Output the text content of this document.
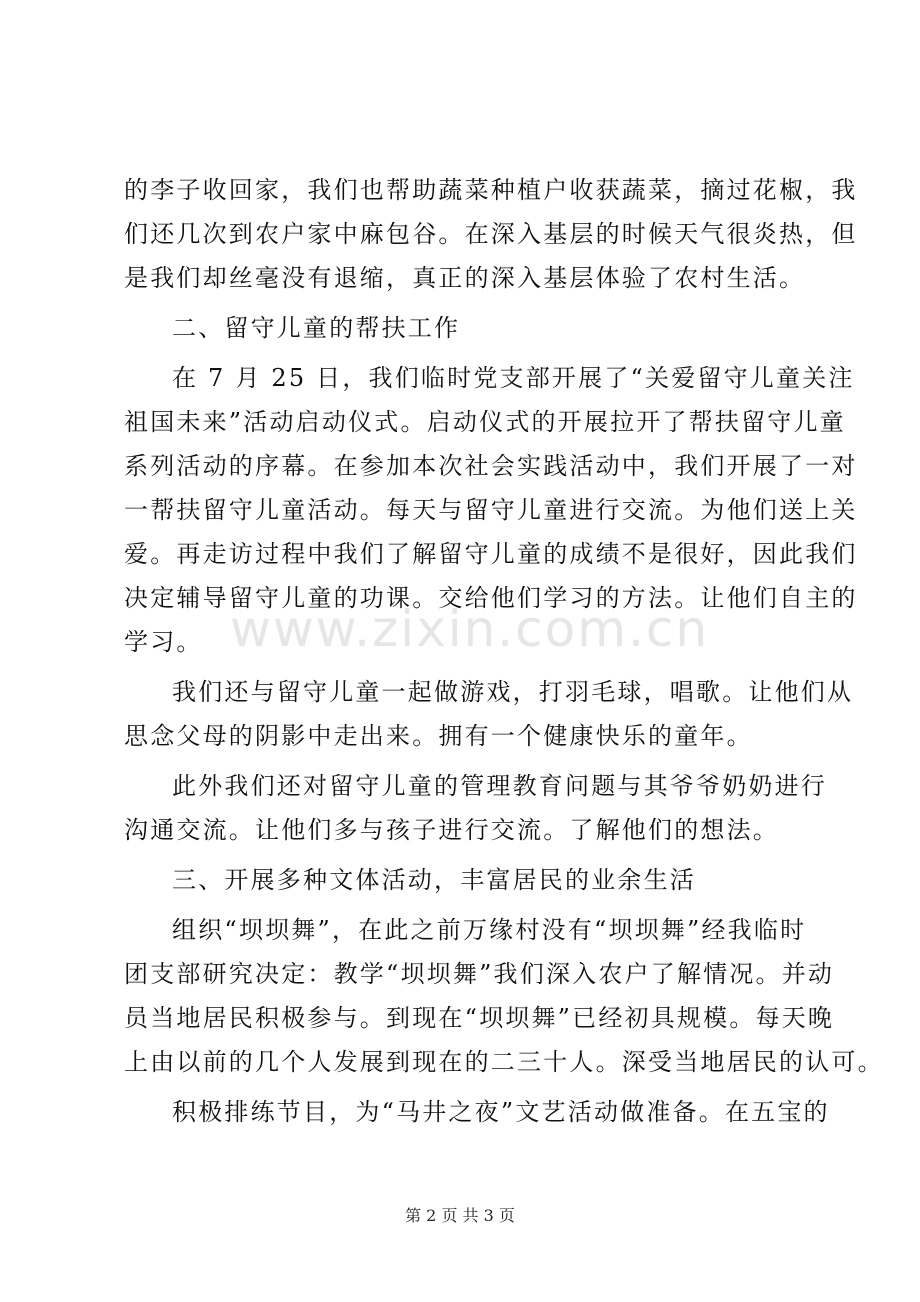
www.zixin.com.cn
的李子收回家，我们也帮助蔬菜种植户收获蔬菜，摘过花椒，我
们还几次到农户家中麻包谷。在深入基层的时候天气很炎热，但
是我们却丝毫没有退缩，真正的深入基层体验了农村生活。
二、留守儿童的帮扶工作
在 7 月 25 日，我们临时党支部开展了“关爱留守儿童关注
祖国未来”活动启动仪式。启动仪式的开展拉开了帮扶留守儿童
系列活动的序幕。在参加本次社会实践活动中，我们开展了一对
一帮扶留守儿童活动。每天与留守儿童进行交流。为他们送上关
爱。再走访过程中我们了解留守儿童的成绩不是很好，因此我们
决定辅导留守儿童的功课。交给他们学习的方法。让他们自主的
学习。
我们还与留守儿童一起做游戏，打羽毛球，唱歌。让他们从
思念父母的阴影中走出来。拥有一个健康快乐的童年。
此外我们还对留守儿童的管理教育问题与其爷爷奶奶进行
沟通交流。让他们多与孩子进行交流。了解他们的想法。
三、开展多种文体活动，丰富居民的业余生活
组织“坝坝舞”，在此之前万缘村没有“坝坝舞”经我临时
团支部研究决定：教学“坝坝舞”我们深入农户了解情况。并动
员当地居民积极参与。到现在“坝坝舞”已经初具规模。每天晚
上由以前的几个人发展到现在的二三十人。深受当地居民的认可。
积极排练节目，为“马井之夜”文艺活动做准备。在五宝的
第 2 页 共 3 页
